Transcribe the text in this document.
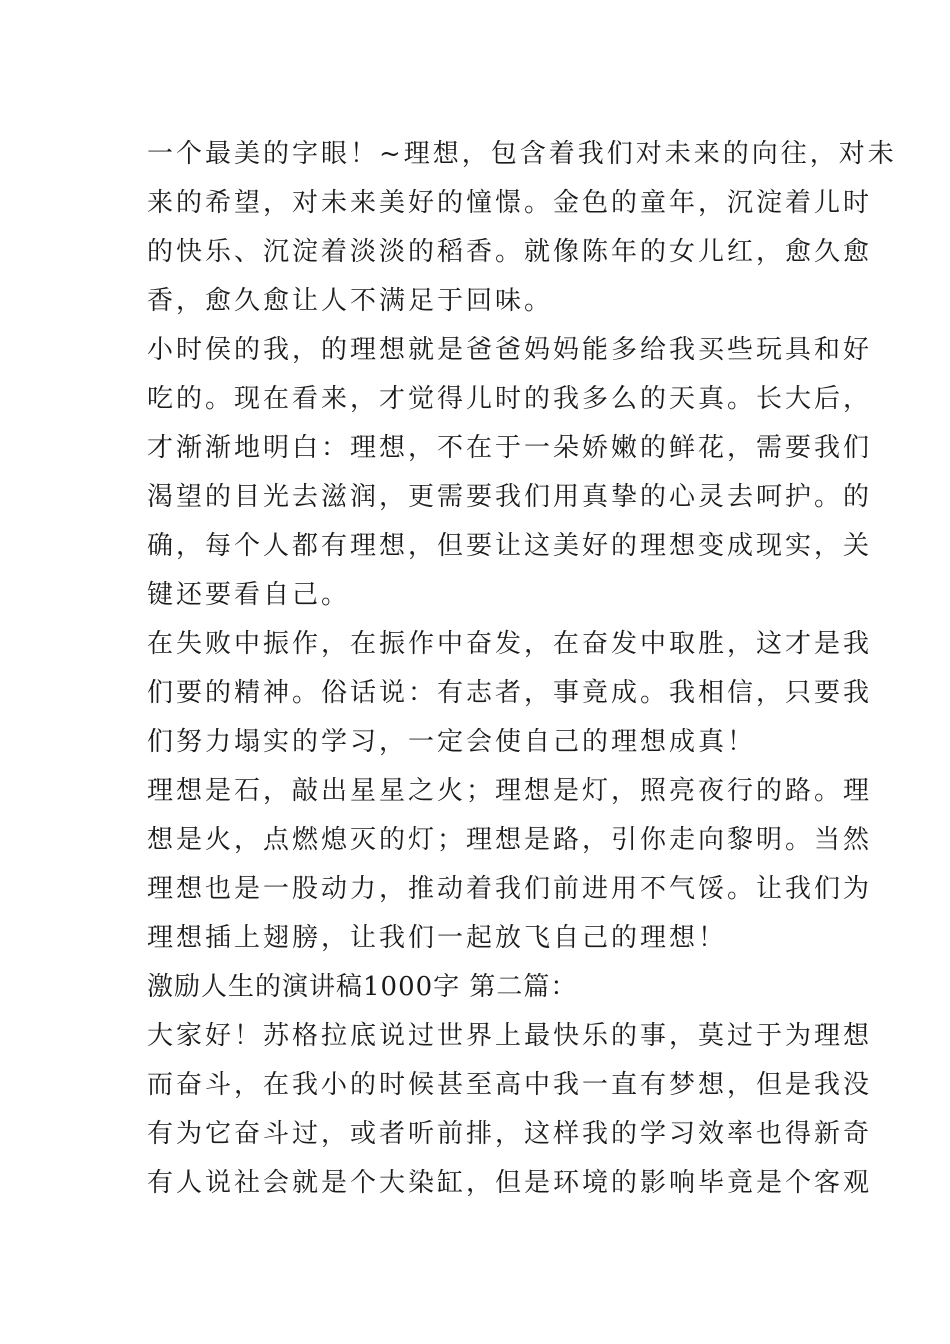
一个最美的字眼！~理想，包含着我们对未来的向往，对未
来的希望，对未来美好的憧憬。金色的童年，沉淀着儿时
的快乐、沉淀着淡淡的稻香。就像陈年的女儿红，愈久愈
香，愈久愈让人不满足于回味。
小时侯的我，的理想就是爸爸妈妈能多给我买些玩具和好
吃的。现在看来，才觉得儿时的我多么的天真。长大后，
才渐渐地明白：理想，不在于一朵娇嫩的鲜花，需要我们
渴望的目光去滋润，更需要我们用真挚的心灵去呵护。的
确，每个人都有理想，但要让这美好的理想变成现实，关
键还要看自己。
在失败中振作，在振作中奋发，在奋发中取胜，这才是我
们要的精神。俗话说：有志者，事竟成。我相信，只要我
们努力塌实的学习，一定会使自己的理想成真！
理想是石，敲出星星之火；理想是灯，照亮夜行的路。理
想是火，点燃熄灭的灯；理想是路，引你走向黎明。当然
理想也是一股动力，推动着我们前进用不气馁。让我们为
理想插上翅膀，让我们一起放飞自己的理想！
激励人生的演讲稿1000字 第二篇：
大家好！苏格拉底说过世界上最快乐的事，莫过于为理想
而奋斗，在我小的时候甚至高中我一直有梦想，但是我没
有为它奋斗过，或者听前排，这样我的学习效率也得新奇
有人说社会就是个大染缸，但是环境的影响毕竟是个客观
